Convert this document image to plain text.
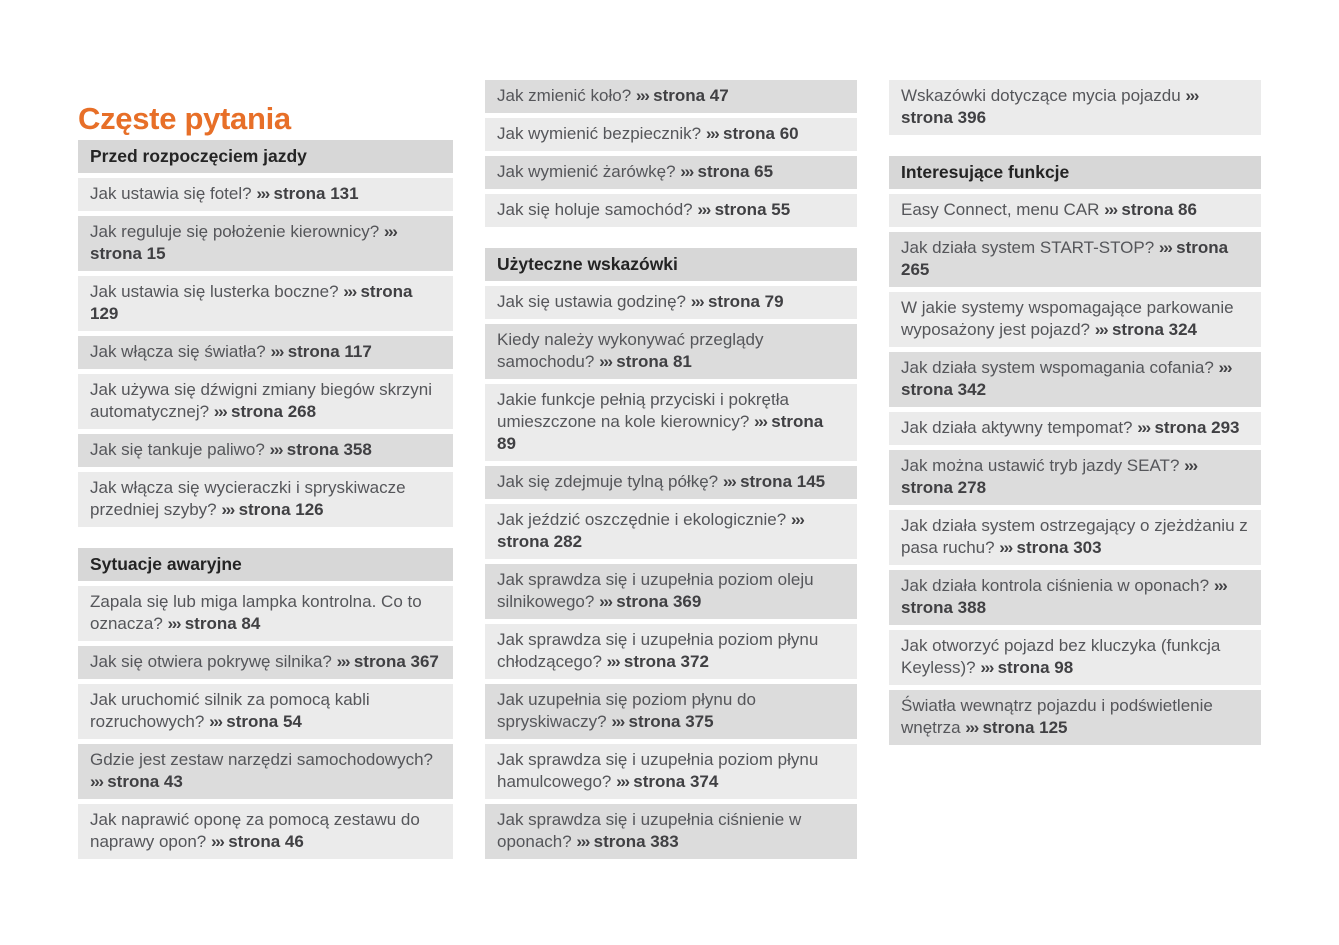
Częste pytania
Przed rozpoczęciem jazdy
Jak ustawia się fotel? ››› strona 131
Jak reguluje się położenie kierownicy? ››› strona 15
Jak ustawia się lusterka boczne? ››› strona 129
Jak włącza się światła? ››› strona 117
Jak używa się dźwigni zmiany biegów skrzyni automatycznej? ››› strona 268
Jak się tankuje paliwo? ››› strona 358
Jak włącza się wycieraczki i spryskiwacze przedniej szyby? ››› strona 126
Sytuacje awaryjne
Zapala się lub miga lampka kontrolna. Co to oznacza? ››› strona 84
Jak się otwiera pokrywę silnika? ››› strona 367
Jak uruchomić silnik za pomocą kabli rozruchowych? ››› strona 54
Gdzie jest zestaw narzędzi samochodowych? ››› strona 43
Jak naprawić oponę za pomocą zestawu do naprawy opon? ››› strona 46
Jak zmienić koło? ››› strona 47
Jak wymienić bezpiecznik? ››› strona 60
Jak wymienić żarówkę? ››› strona 65
Jak się holuje samochód? ››› strona 55
Użyteczne wskazówki
Jak się ustawia godzinę? ››› strona 79
Kiedy należy wykonywać przeglądy samochodu? ››› strona 81
Jakie funkcje pełnią przyciski i pokrętła umieszczone na kole kierownicy? ››› strona 89
Jak się zdejmuje tylną półkę? ››› strona 145
Jak jeździć oszczędnie i ekologicznie? ››› strona 282
Jak sprawdza się i uzupełnia poziom oleju silnikowego? ››› strona 369
Jak sprawdza się i uzupełnia poziom płynu chłodzącego? ››› strona 372
Jak uzupełnia się poziom płynu do spryskiwaczy? ››› strona 375
Jak sprawdza się i uzupełnia poziom płynu hamulcowego? ››› strona 374
Jak sprawdza się i uzupełnia ciśnienie w oponach? ››› strona 383
Wskazówki dotyczące mycia pojazdu ››› strona 396
Interesujące funkcje
Easy Connect, menu CAR ››› strona 86
Jak działa system START-STOP? ››› strona 265
W jakie systemy wspomagające parkowanie wyposażony jest pojazd? ››› strona 324
Jak działa system wspomagania cofania? ››› strona 342
Jak działa aktywny tempomat? ››› strona 293
Jak można ustawić tryb jazdy SEAT? ››› strona 278
Jak działa system ostrzegający o zjeżdżaniu z pasa ruchu? ››› strona 303
Jak działa kontrola ciśnienia w oponach? ››› strona 388
Jak otworzyć pojazd bez kluczyka (funkcja Keyless)? ››› strona 98
Światła wewnątrz pojazdu i podświetlenie wnętrza ››› strona 125
